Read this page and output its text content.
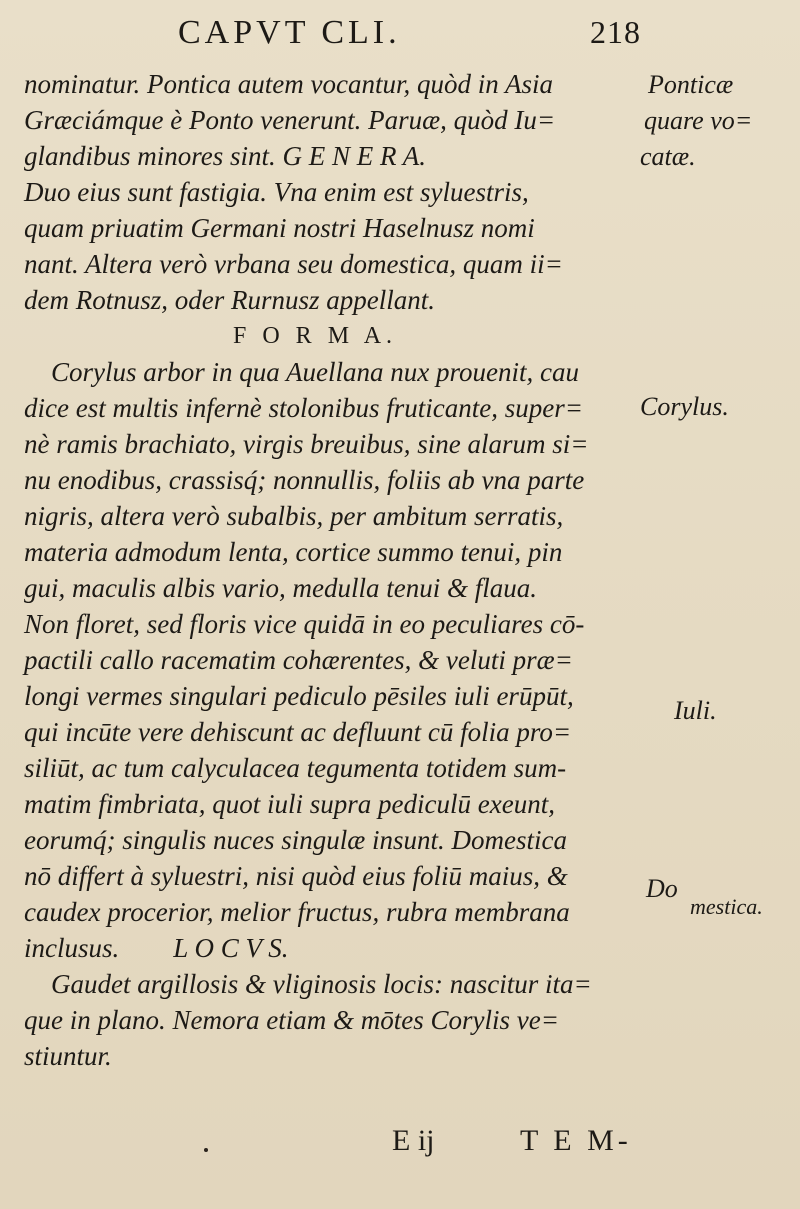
CAPVT CLI.	218
nominatur. Pontica autem vocantur, quòd in Asia
Græciámque è Ponto venerunt. Paruæ, quòd Iu=
glandibus minores sint. G E N E R A.
Duo eius sunt fastigia. Vna enim est syluestris,
quam priuatim Germani nostri Haselnusz nomi
nant. Altera verò vrbana seu domestica, quam ii=
dem Rotnusz, oder Rurnusz appellant.
F O R M A.
Corylus arbor in qua Auellana nux prouenit, cau
dice est multis infernè stolonibus fruticante, super=
nè ramis brachiato, virgis breuibus, sine alarum si=
nu enodibus, crassisq́; nonnullis, foliis ab vna parte
nigris, altera verò subalbis, per ambitum serratis,
materia admodum lenta, cortice summo tenui, pin
gui, maculis albis vario, medulla tenui & flaua.
Non floret, sed floris vice quidā in eo peculiares cō-
pactili callo racematim cohærentes, & veluti præ=
longi vermes singulari pediculo pēsiles iuli erūpūt,
qui incūte vere dehiscunt ac defluunt cū folia pro=
siliūt, ac tum calyculacea tegumenta totidem sum-
matim fimbriata, quot iuli supra pediculū exeunt,
eorumq́; singulis nuces singulæ insunt. Domestica
nō differt à syluestri, nisi quòd eius foliū maius, &
caudex procerior, melior fructus, rubra membrana
inclusus.        L O C V S.
Gaudet argillosis & vliginosis locis: nascitur ita=
que in plano. Nemora etiam & mōtes Corylis ve=
stiuntur.
Ponticæ
quare vo=
catæ.
Corylus.
Iuli.
Do
mestica.
E ij	T E M-
